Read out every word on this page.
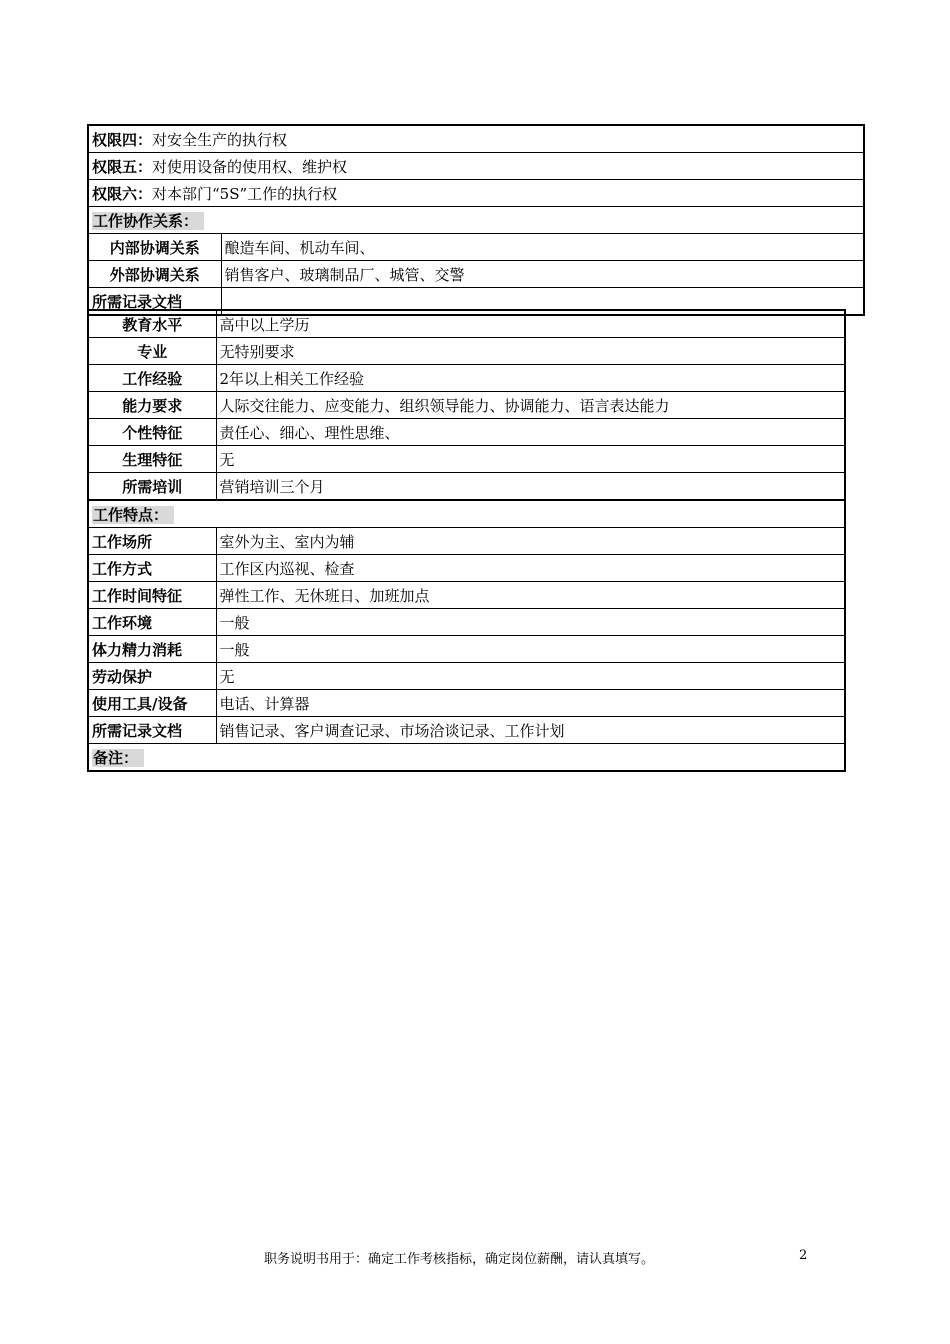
权限四：对安全生产的执行权	
权限五：对使用设备的使用权、维护权	
权限六：对本部门“5S”工作的执行权	
工作协作关系：	
内部协调关系	酿造车间、机动车间、
外部协调关系	销售客户、玻璃制品厂、城管、交警
所需记录文档	
教育水平	高中以上学历
专业	无特别要求
工作经验	2年以上相关工作经验
能力要求	人际交往能力、应变能力、组织领导能力、协调能力、语言表达能力
个性特征	责任心、细心、理性思维、
生理特征	无
所需培训	营销培训三个月
工作特点：	
工作场所	室外为主、室内为辅
工作方式	工作区内巡视、检查
工作时间特征	弹性工作、无休班日、加班加点
工作环境	一般
体力精力消耗	一般
劳动保护	无
使用工具/设备	电话、计算器
所需记录文档	销售记录、客户调查记录、市场洽谈记录、工作计划
备注：	
职务说明书用于：确定工作考核指标，确定岗位薪酬，请认真填写。	2
